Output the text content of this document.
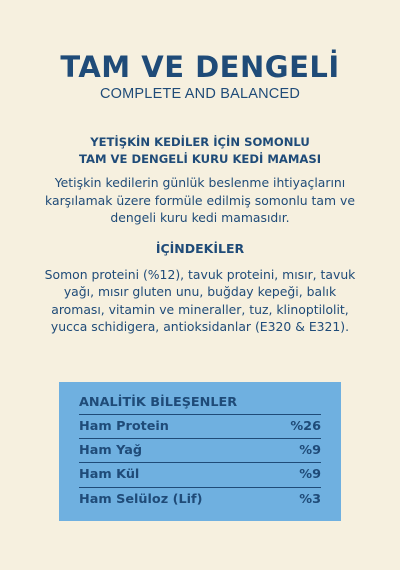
TAM VE DENGELİ
COMPLETE AND BALANCED
YETİŞKİN KEDİLER İÇİN SOMONLU
TAM VE DENGELİ KURU KEDİ MAMASI
Yetişkin kedilerin günlük beslenme ihtiyaçlarını karşılamak üzere formüle edilmiş somonlu tam ve dengeli kuru kedi mamasıdır.
İÇİNDEKİLER
Somon proteini (%12), tavuk proteini, mısır, tavuk yağı, mısır gluten unu, buğday kepeği, balık aroması, vitamin ve mineraller, tuz, klinoptilolit, yucca schidigera, antioksidanlar (E320 & E321).
ANALİTİK BİLEŞENLER
Ham Protein	%26
Ham Yağ	%9
Ham Kül	%9
Ham Selüloz (Lif)	%3
